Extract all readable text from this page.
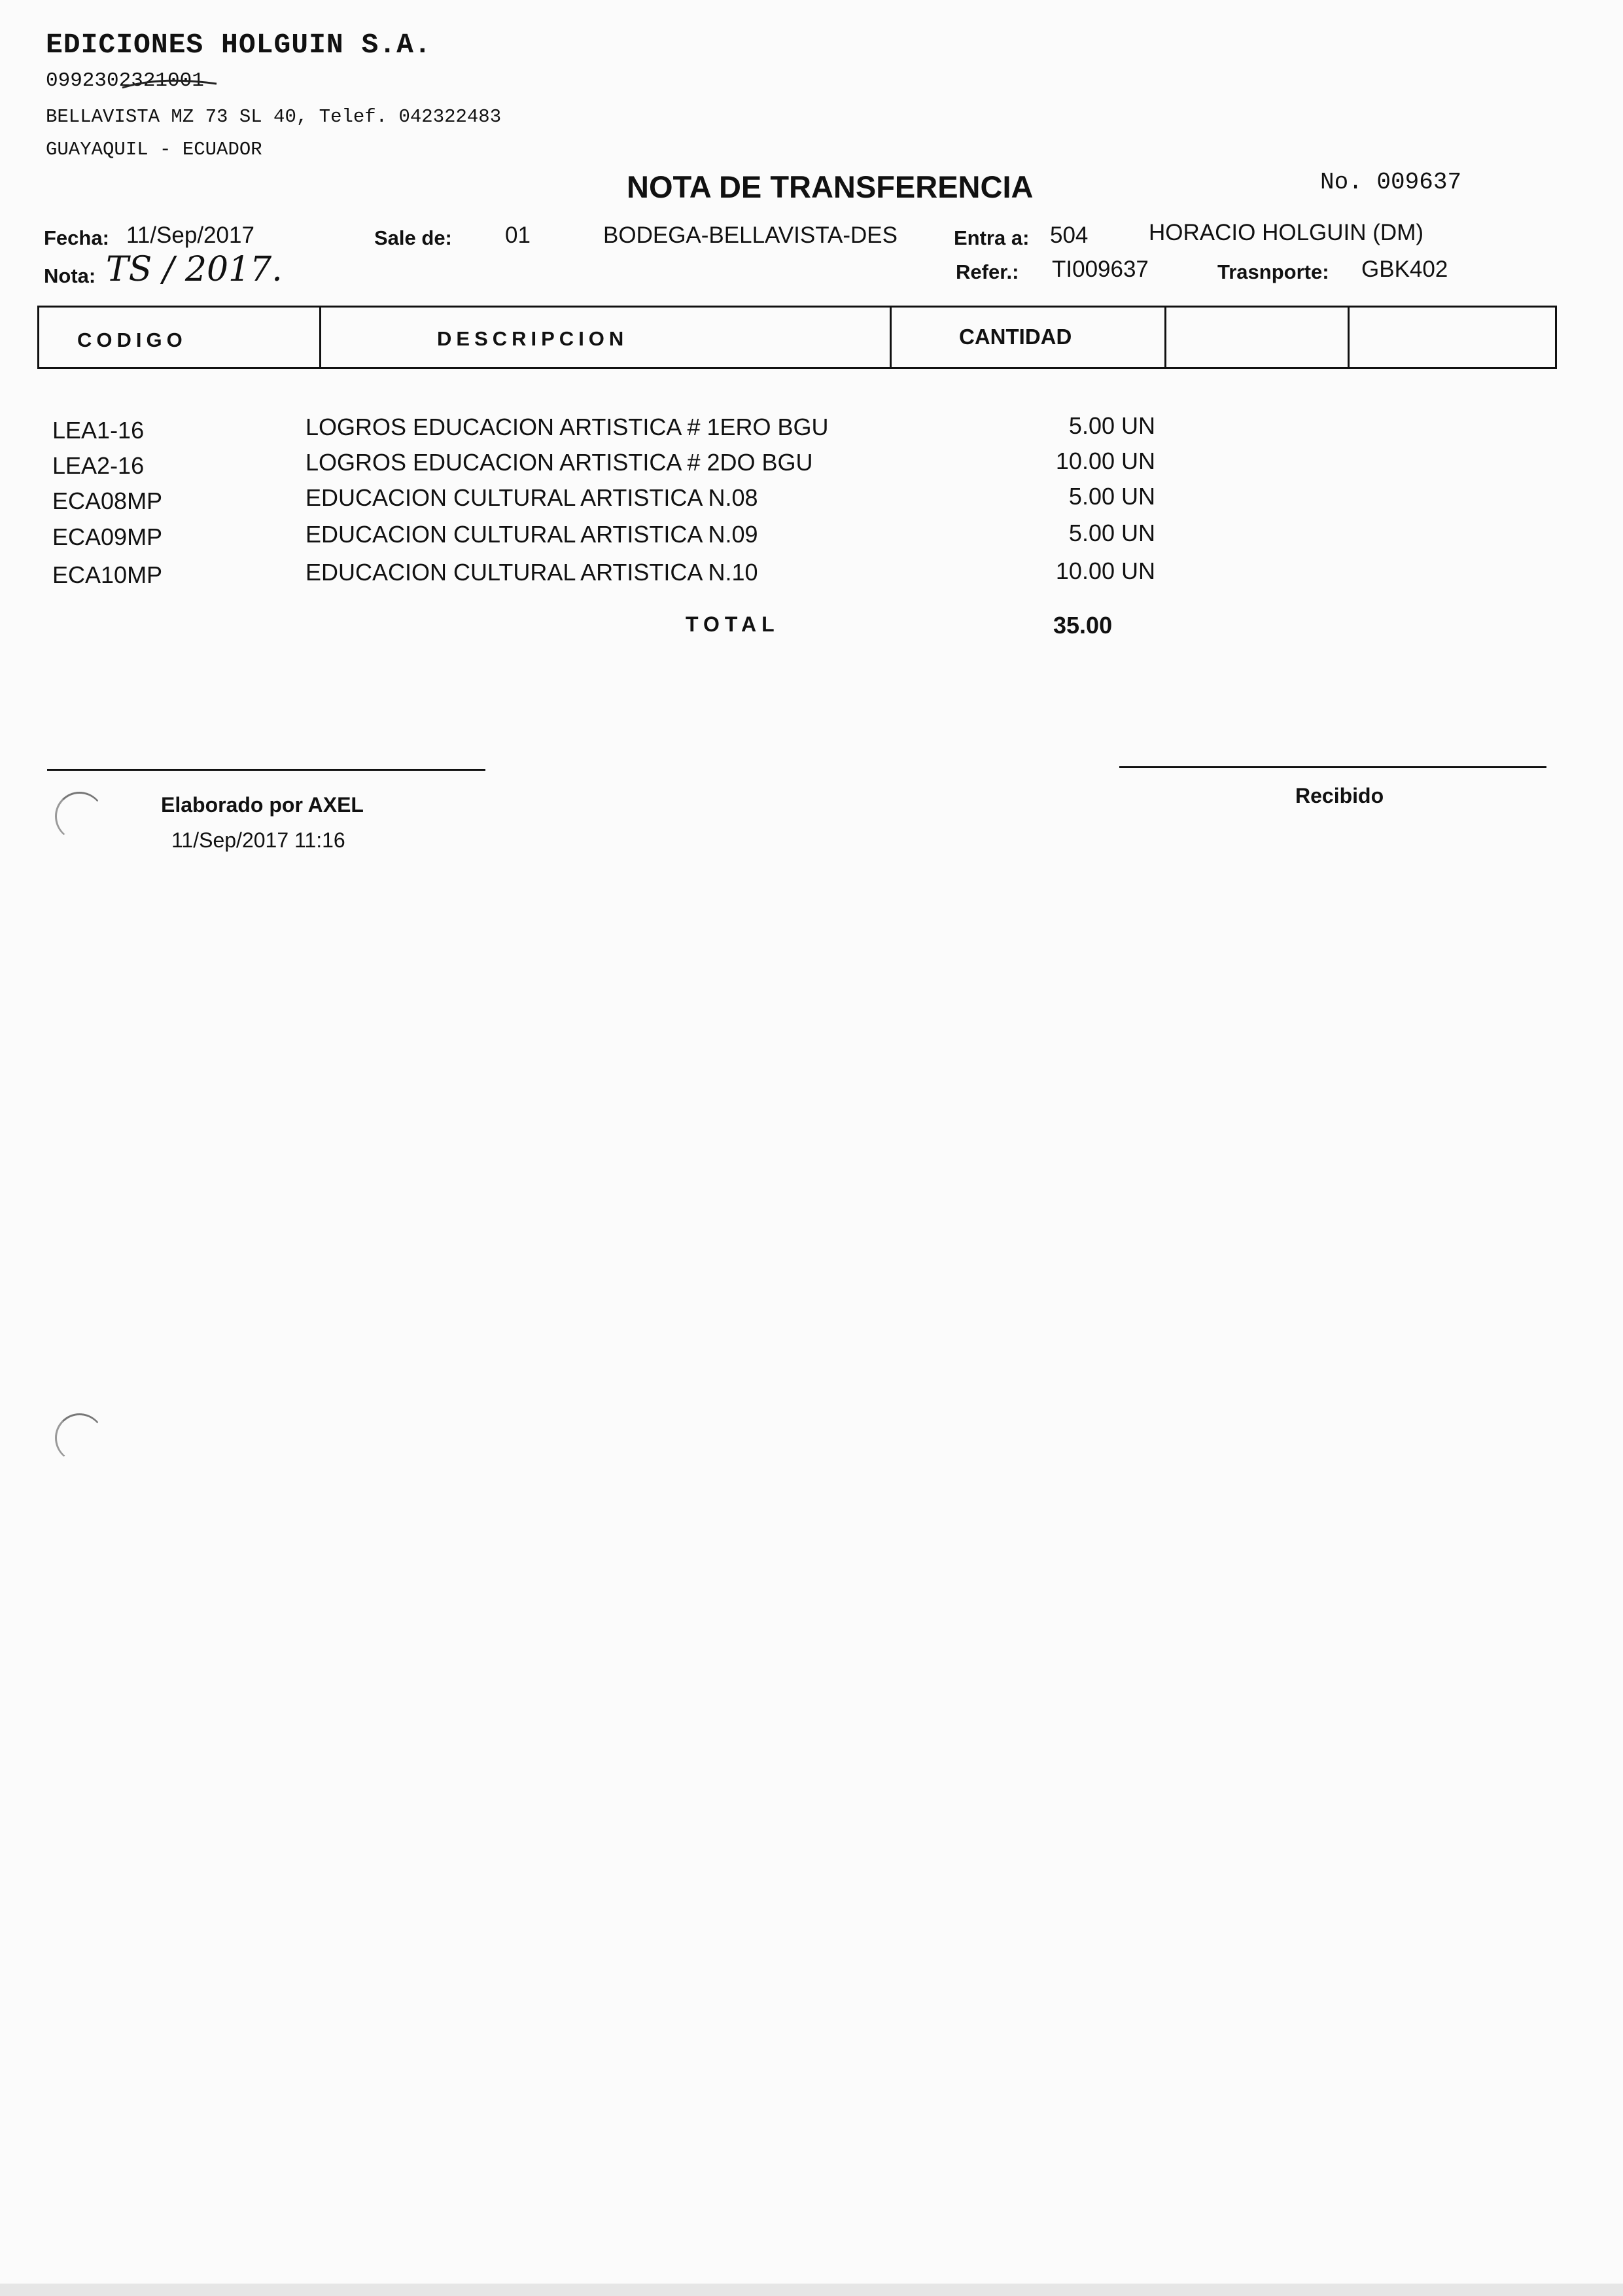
EDICIONES HOLGUIN S.A.
0992302321001
BELLAVISTA MZ 73 SL 40, Telef. 042322483
GUAYAQUIL - ECUADOR
NOTA DE TRANSFERENCIA	No. 009637
Fecha: 11/Sep/2017	Sale de: 01	BODEGA-BELLAVISTA-DES	Entra a: 504	HORACIO HOLGUIN (DM)
Nota: TS / 2017.	Refer.: TI009637	Trasnporte: GBK402
CODIGO	DESCRIPCION	CANTIDAD
LEA1-16	LOGROS EDUCACION ARTISTICA # 1ERO BGU	5.00 UN
LEA2-16	LOGROS EDUCACION ARTISTICA # 2DO BGU	10.00 UN
ECA08MP	EDUCACION CULTURAL ARTISTICA N.08	5.00 UN
ECA09MP	EDUCACION CULTURAL ARTISTICA N.09	5.00 UN
ECA10MP	EDUCACION CULTURAL ARTISTICA N.10	10.00 UN
TOTAL	35.00
Elaborado por AXEL
11/Sep/2017 11:16
Recibido
